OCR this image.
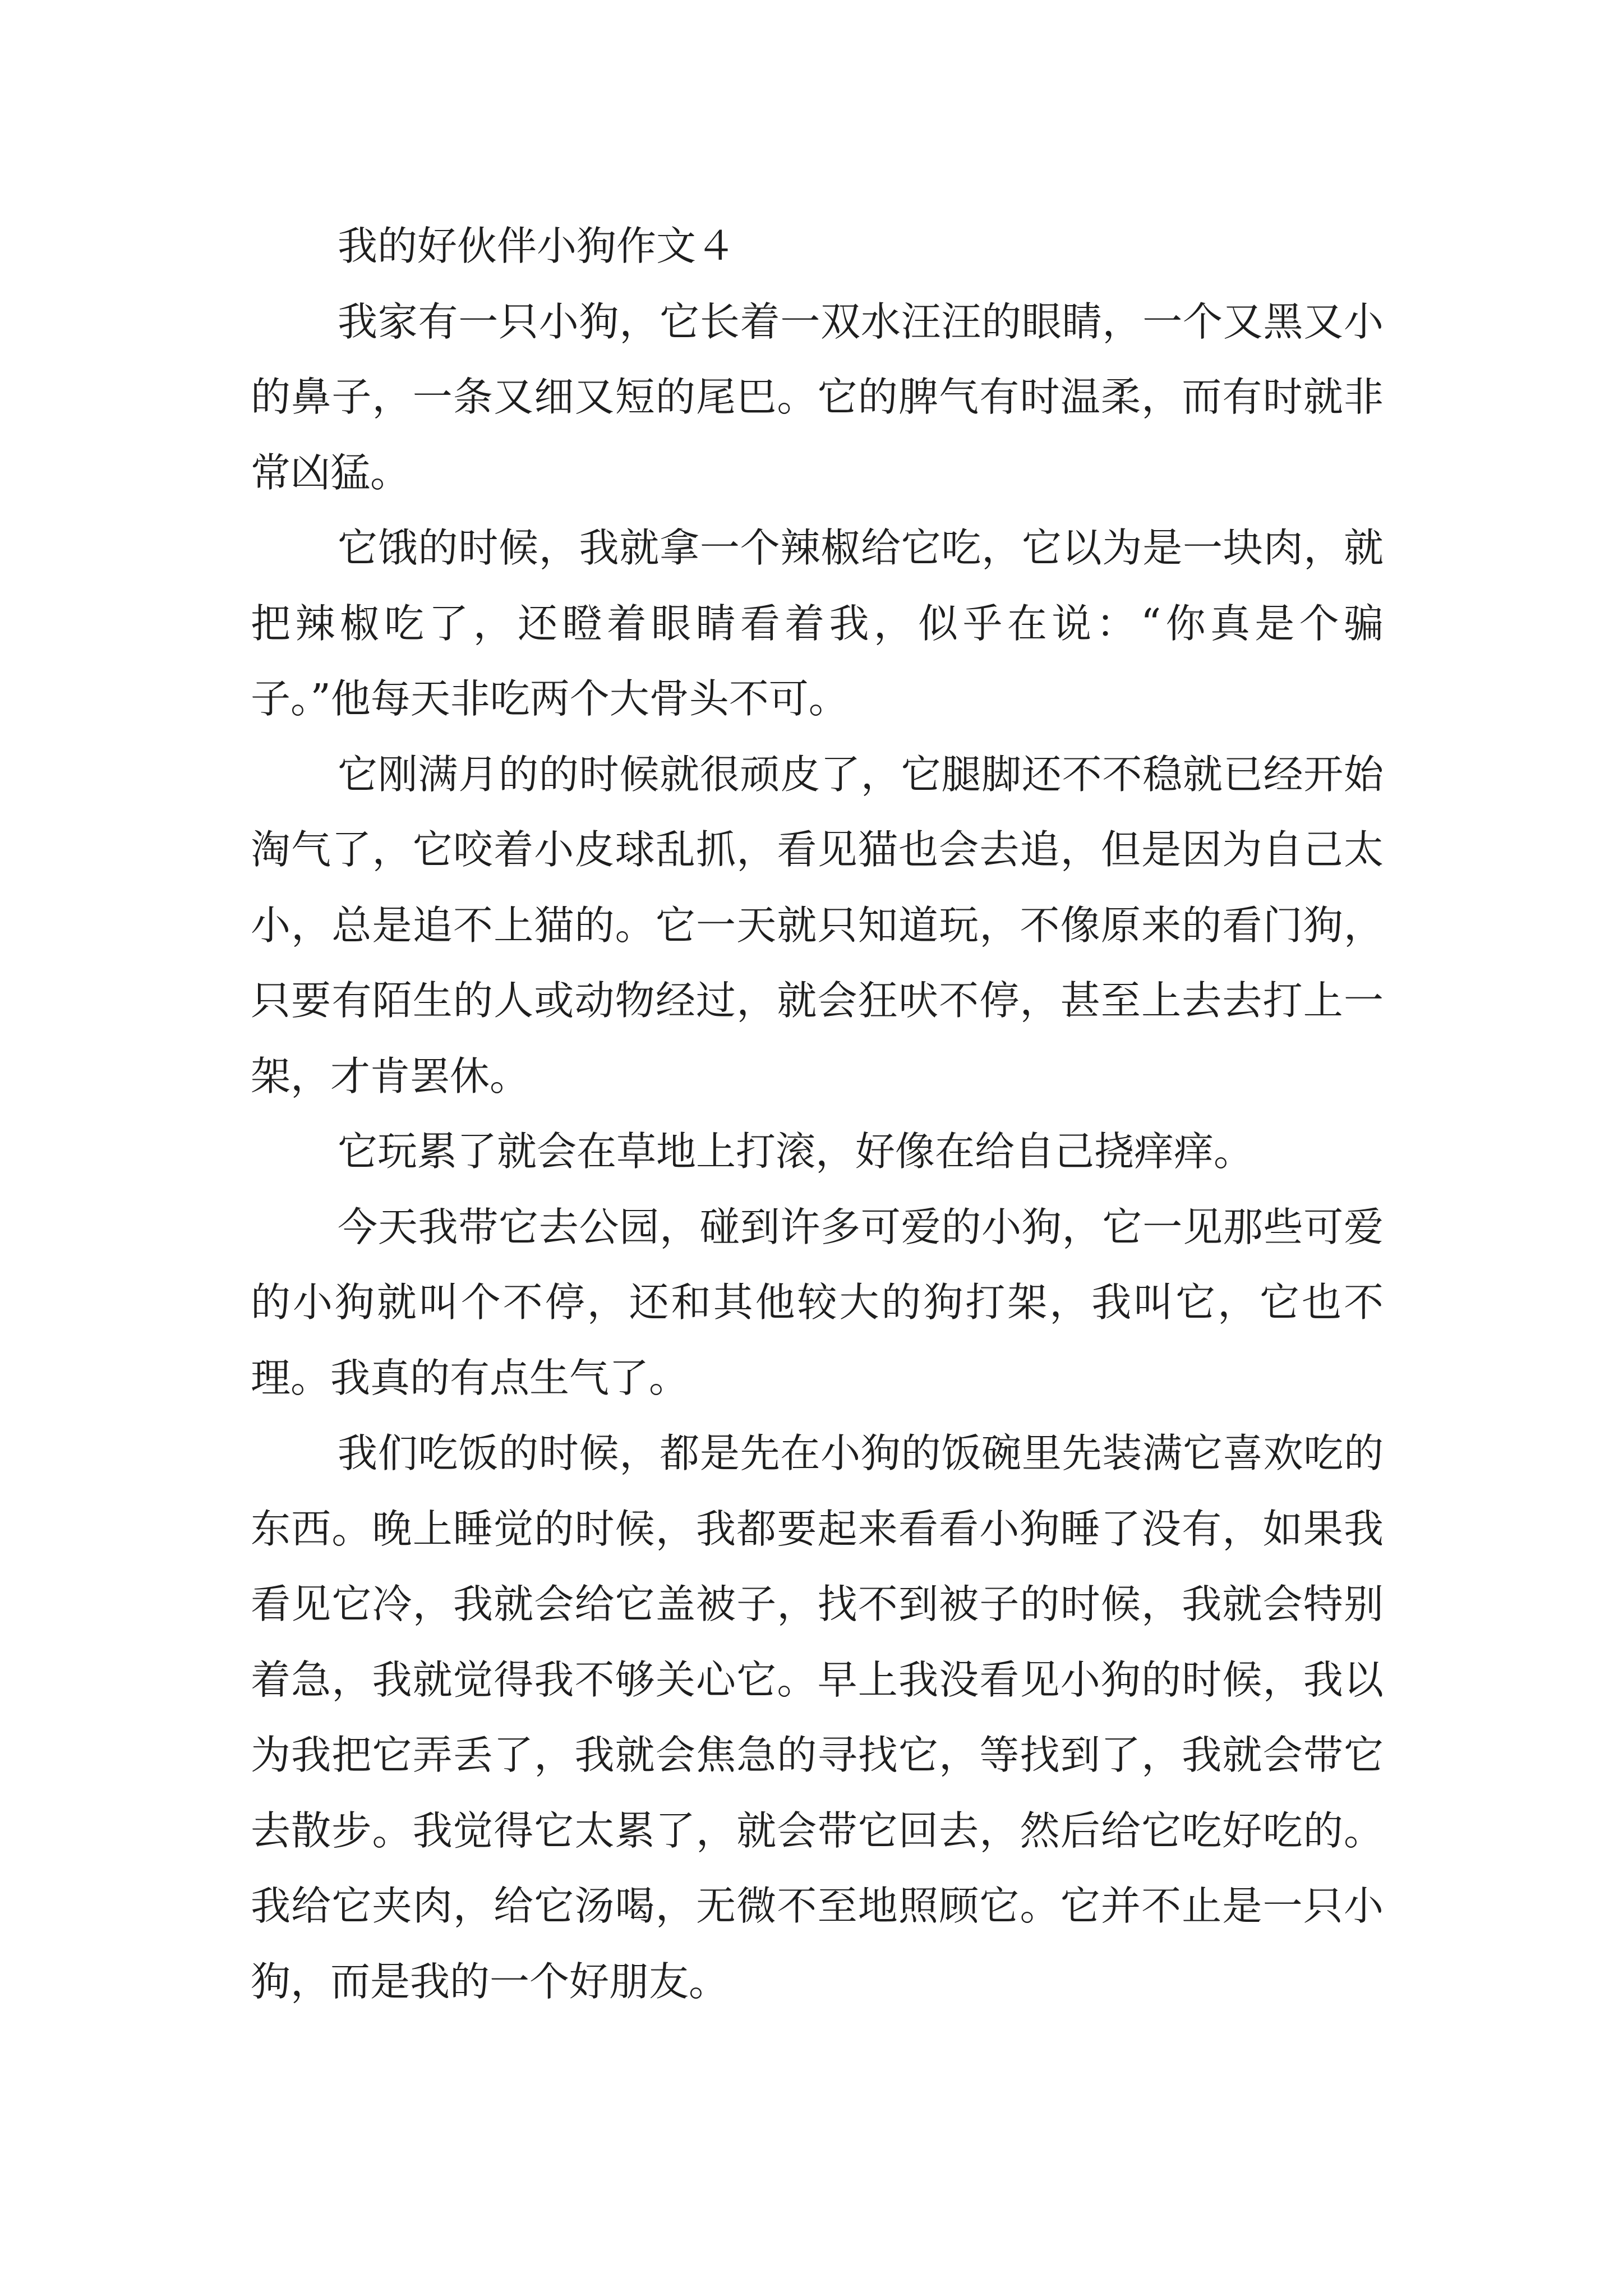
我的好伙伴小狗作文４

我家有一只小狗，它长着一双水汪汪的眼睛，一个又黑又小的鼻子，一条又细又短的尾巴。它的脾气有时温柔，而有时就非常凶猛。

它饿的时候，我就拿一个辣椒给它吃，它以为是一块肉，就把辣椒吃了，还瞪着眼睛看着我，似乎在说：“你真是个骗子。”他每天非吃两个大骨头不可。

它刚满月的的时候就很顽皮了，它腿脚还不不稳就已经开始淘气了，它咬着小皮球乱抓，看见猫也会去追，但是因为自己太小，总是追不上猫的。它一天就只知道玩，不像原来的看门狗，只要有陌生的人或动物经过，就会狂吠不停，甚至上去去打上一架，才肯罢休。

它玩累了就会在草地上打滚，好像在给自己挠痒痒。

今天我带它去公园，碰到许多可爱的小狗，它一见那些可爱的小狗就叫个不停，还和其他较大的狗打架，我叫它，它也不理。我真的有点生气了。

我们吃饭的时候，都是先在小狗的饭碗里先装满它喜欢吃的东西。晚上睡觉的时候，我都要起来看看小狗睡了没有，如果我看见它冷，我就会给它盖被子，找不到被子的时候，我就会特别着急，我就觉得我不够关心它。早上我没看见小狗的时候，我以为我把它弄丢了，我就会焦急的寻找它，等找到了，我就会带它去散步。我觉得它太累了，就会带它回去，然后给它吃好吃的。我给它夹肉，给它汤喝，无微不至地照顾它。它并不止是一只小狗，而是我的一个好朋友。
